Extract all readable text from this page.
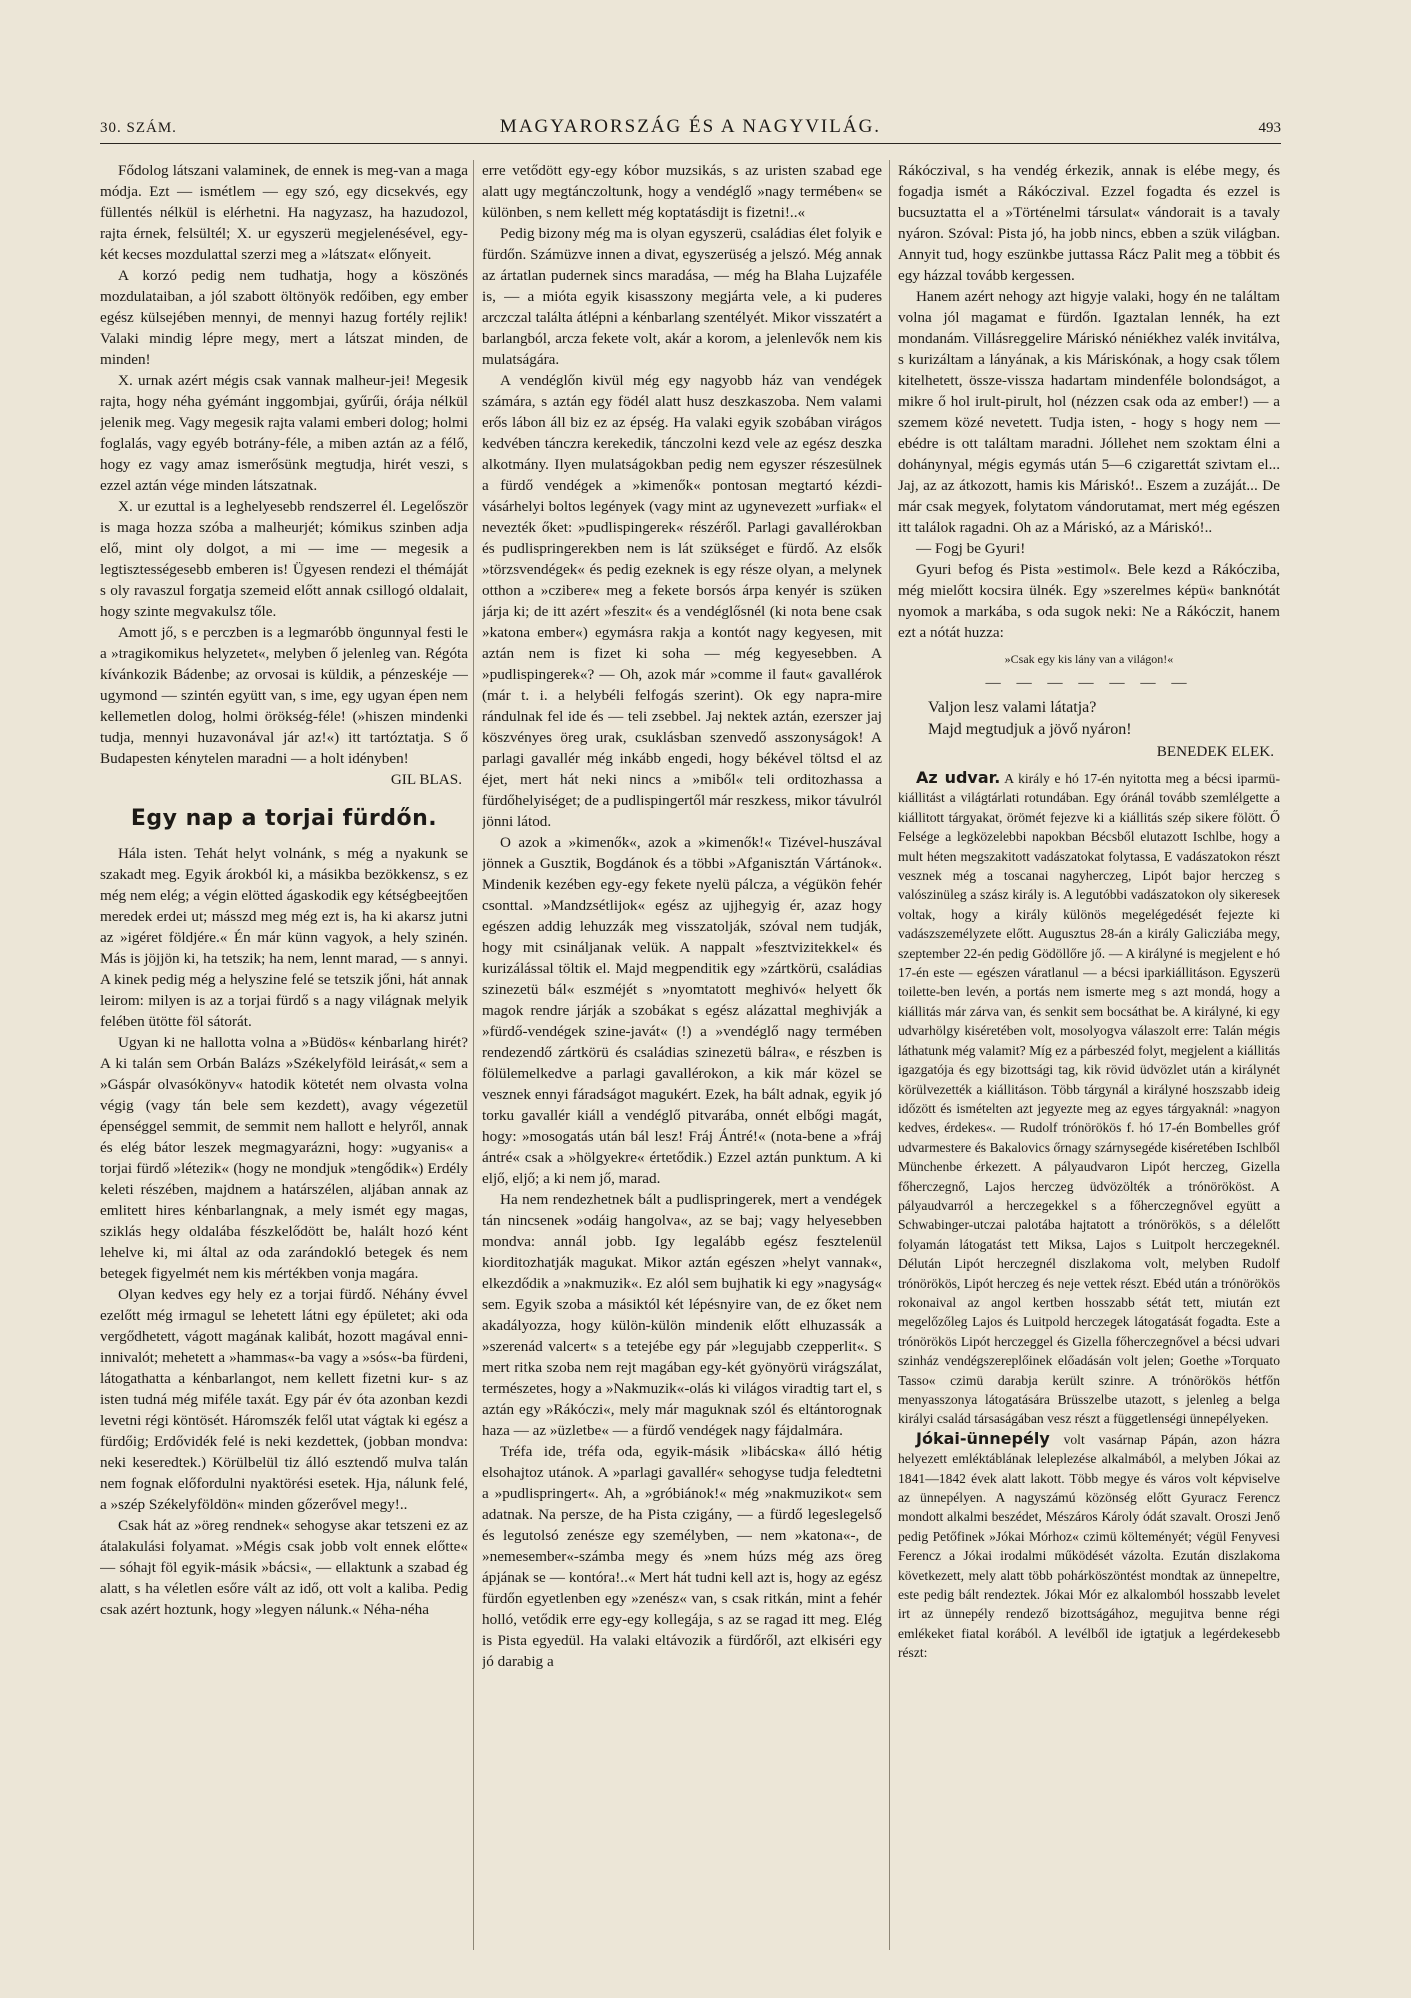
30. SZÁM.	MAGYARORSZÁG ÉS A NAGYVILÁG.	493

Fődolog látszani valaminek, de ennek is meg-van a maga módja. Ezt — ismétlem — egy szó, egy dicsekvés, egy füllentés nélkül is elérhetni. Ha nagyzasz, ha hazudozol, rajta érnek, felsültél; X. ur egyszerü megjelenésével, egy-két kecses mozdulattal szerzi meg a »látszat« előnyeit.

A korzó pedig nem tudhatja, hogy a köszönés mozdulataiban, a jól szabott öltönyök redőiben, egy ember egész külsejében mennyi, de mennyi hazug fortély rejlik! Valaki mindig lépre megy, mert a látszat minden, de minden!

X. urnak azért mégis csak vannak malheur-jei! Megesik rajta, hogy néha gyémánt inggombjai, gyűrűi, órája nélkül jelenik meg. Vagy megesik rajta valami emberi dolog; holmi foglalás, vagy egyéb botrány-féle, a miben aztán az a félő, hogy ez vagy amaz ismerősünk megtudja, hirét veszi, s ezzel aztán vége minden látszatnak.

X. ur ezuttal is a leghelyesebb rendszerrel él. Legelőször is maga hozza szóba a malheurjét; kómikus szinben adja elő, mint oly dolgot, a mi — ime — megesik a legtisztességesebb emberen is! Ügyesen rendezi el thémáját s oly ravaszul forgatja szemeid előtt annak csillogó oldalait, hogy szinte megvakulsz tőle.

Amott jő, s e perczben is a legmaróbb öngunnyal festi le a »tragikomikus helyzetet«, melyben ő jelenleg van. Régóta kívánkozik Bádenbe; az orvosai is küldik, a pénzeskéje — ugymond — szintén együtt van, s ime, egy ugyan épen nem kellemetlen dolog, holmi örökség-féle! (»hiszen mindenki tudja, mennyi huzavonával jár az!«) itt tartóztatja. S ő Budapesten kénytelen maradni — a holt idényben!

GIL BLAS.
Egy nap a torjai fürdőn.

Hála isten. Tehát helyt volnánk, s még a nyakunk se szakadt meg. Egyik árokból ki, a másikba bezökkensz, s ez még nem elég; a végin elötted ágaskodik egy kétségbeejtően meredek erdei ut; másszd meg még ezt is, ha ki akarsz jutni az »igéret földjére.« Én már künn vagyok, a hely szinén. Más is jöjjön ki, ha tetszik; ha nem, lennt marad, — s annyi. A kinek pedig még a helyszine felé se tetszik jőni, hát annak leirom: milyen is az a torjai fürdő s a nagy világnak melyik felében ütötte föl sátorát.

Ugyan ki ne hallotta volna a »Büdös« kénbarlang hirét? A ki talán sem Orbán Balázs »Székelyföld leirását,« sem a »Gáspár olvasókönyv« hatodik kötetét nem olvasta volna végig (vagy tán bele sem kezdett), avagy végezetül épenséggel semmit, de semmit nem hallott e helyről, annak és elég bátor leszek megmagyarázni, hogy: »ugyanis« a torjai fürdő »létezik« (hogy ne mondjuk »tengődik«) Erdély keleti részében, majdnem a határszélen, aljában annak az emlitett hires kénbarlangnak, a mely ismét egy magas, sziklás hegy oldalába fészkelődött be, halált hozó ként lehelve ki, mi által az oda zarándokló betegek és nem betegek figyelmét nem kis mértékben vonja magára.

Olyan kedves egy hely ez a torjai fürdő. Néhány évvel ezelőtt még irmagul se lehetett látni egy épületet; aki oda vergődhetett, vágott magának kalibát, hozott magával enni-innivalót; mehetett a »hammas«-ba vagy a »sós«-ba fürdeni, látogathatta a kénbarlangot, nem kellett fizetni kur- s az isten tudná még miféle taxát. Egy pár év óta azonban kezdi levetni régi köntösét. Háromszék felől utat vágtak ki egész a fürdőig; Erdővidék felé is neki kezdettek, (jobban mondva: neki keseredtek.) Körülbelül tiz álló esztendő mulva talán nem fognak előfordulni nyaktörési esetek. Hja, nálunk felé, a »szép Székelyföldön« minden gőzerővel megy!..

Csak hát az »öreg rendnek« sehogyse akar tetszeni ez az átalakulási folyamat. »Mégis csak jobb volt ennek előtte« — sóhajt föl egyik-másik »bácsi«, — ellaktunk a szabad ég alatt, s ha véletlen esőre vált az idő, ott volt a kaliba. Pedig csak azért hoztunk, hogy »legyen nálunk.« Néha-néha

erre vetődött egy-egy kóbor muzsikás, s az uristen szabad ege alatt ugy megtánczoltunk, hogy a vendéglő »nagy termében« se különben, s nem kellett még koptatásdijt is fizetni!..«

Pedig bizony még ma is olyan egyszerü, családias élet folyik e fürdőn. Számüzve innen a divat, egyszerüség a jelszó. Még annak az ártatlan pudernek sincs maradása, — még ha Blaha Lujzaféle is, — a mióta egyik kisasszony megjárta vele, a ki puderes arczczal találta átlépni a kénbarlang szentélyét. Mikor visszatért a barlangból, arcza fekete volt, akár a korom, a jelenlevők nem kis mulatságára.

A vendéglőn kivül még egy nagyobb ház van vendégek számára, s aztán egy födél alatt husz deszkaszoba. Nem valami erős lábon áll biz ez az épség. Ha valaki egyik szobában virágos kedvében tánczra kerekedik, tánczolni kezd vele az egész deszka alkotmány. Ilyen mulatságokban pedig nem egyszer részesülnek a fürdő vendégek a »kimenők« pontosan megtartó kézdi-vásárhelyi boltos legények (vagy mint az ugynevezett »urfiak« el nevezték őket: »pudlispingerek« részéről. Parlagi gavallérokban és pudlispringerekben nem is lát szükséget e fürdő. Az elsők »törzsvendégek« és pedig ezeknek is egy része olyan, a melynek otthon a »czibere« meg a fekete borsós árpa kenyér is szüken járja ki; de itt azért »feszit« és a vendéglősnél (ki nota bene csak »katona ember«) egymásra rakja a kontót nagy kegyesen, mit aztán nem is fizet ki soha — még kegyesebben. A »pudlispingerek«? — Oh, azok már »comme il faut« gavallérok (már t. i. a helybéli felfogás szerint). Ok egy napra-mire rándulnak fel ide és — teli zsebbel. Jaj nektek aztán, ezerszer jaj köszvényes öreg urak, csuklásban szenvedő asszonyságok! A parlagi gavallér még inkább engedi, hogy békével töltsd el az éjet, mert hát neki nincs a »miből« teli orditozhassa a fürdőhelyiséget; de a pudlispingertől már reszkess, mikor távulról jönni látod.

O azok a »kimenők«, azok a »kimenők!« Tizével-huszával jönnek a Gusztik, Bogdánok és a többi »Afganisztán Vártánok«. Mindenik kezében egy-egy fekete nyelü pálcza, a végükön fehér csonttal. »Mandzsétlijok« egész az ujjhegyig ér, azaz hogy egészen addig lehuzzák meg visszatolják, szóval nem tudják, hogy mit csináljanak velük. A nappalt »fesztvizitekkel« és kurizálással töltik el. Majd megpenditik egy »zártkörü, családias szinezetü bál« eszméjét s »nyomtatott meghivó« helyett ők magok rendre járják a szobákat s egész alázattal meghivják a »fürdő-vendégek szine-javát« (!) a »vendéglő nagy termében rendezendő zártkörü és családias szinezetü bálra«, e részben is fölülemelkedve a parlagi gavallérokon, a kik már közel se vesznek ennyi fáradságot magukért. Ezek, ha bált adnak, egyik jó torku gavallér kiáll a vendéglő pitvarába, onnét elbőgi magát, hogy: »mosogatás után bál lesz! Fráj Ántré!« (nota-bene a »fráj ántré« csak a »hölgyekre« értetődik.) Ezzel aztán punktum. A ki eljő, eljő; a ki nem jő, marad.

Ha nem rendezhetnek bált a pudlispringerek, mert a vendégek tán nincsenek »odáig hangolva«, az se baj; vagy helyesebben mondva: annál jobb. Igy legalább egész fesztelenül kiorditozhatják magukat. Mikor aztán egészen »helyt vannak«, elkezdődik a »nakmuzik«. Ez alól sem bujhatik ki egy »nagyság« sem. Egyik szoba a másiktól két lépésnyire van, de ez őket nem akadályozza, hogy külön-külön mindenik előtt elhuzassák a »szerenád valcert« s a tetejébe egy pár »legujabb czepperlit«. S mert ritka szoba nem rejt magában egy-két gyönyörü virágszálat, természetes, hogy a »Nakmuzik«-olás ki világos viradtig tart el, s aztán egy »Rákóczi«, mely már maguknak szól és eltántorognak haza — az »üzletbe« — a fürdő vendégek nagy fájdalmára.

Tréfa ide, tréfa oda, egyik-másik »libácska« álló hétig elsohajtoz utánok. A »parlagi gavallér« sehogyse tudja feledtetni a »pudlispringert«. Ah, a »gróbiánok!« még »nakmuzikot« sem adatnak. Na persze, de ha Pista czigány, — a fürdő legeslegelső és legutolsó zenésze egy személyben, — nem »katona«-, de »nemesember«-számba megy és »nem húzs még azs öreg ápjának se — kontóra!..« Mert hát tudni kell azt is, hogy az egész fürdőn egyetlenben egy »zenész« van, s csak ritkán, mint a fehér holló, vetődik erre egy-egy kollegája, s az se ragad itt meg. Elég is Pista egyedül. Ha valaki eltávozik a fürdőről, azt elkiséri egy jó darabig a

Rákóczival, s ha vendég érkezik, annak is elébe megy, és fogadja ismét a Rákóczival. Ezzel fogadta és ezzel is bucsuztatta el a »Történelmi társulat« vándorait is a tavaly nyáron. Szóval: Pista jó, ha jobb nincs, ebben a szük világban. Annyit tud, hogy eszünkbe juttassa Rácz Palit meg a többit és egy házzal tovább kergessen.

Hanem azért nehogy azt higyje valaki, hogy én ne találtam volna jól magamat e fürdőn. Igaztalan lennék, ha ezt mondanám. Villásreggelire Máriskó néniékhez valék invitálva, s kurizáltam a lányának, a kis Máriskónak, a hogy csak tőlem kitelhetett, össze-vissza hadartam mindenféle bolondságot, a mikre ő hol irult-pirult, hol (nézzen csak oda az ember!) — a szemem közé nevetett. Tudja isten, - hogy s hogy nem — ebédre is ott találtam maradni. Jóllehet nem szoktam élni a dohánynyal, mégis egymás után 5—6 czigarettát szivtam el... Jaj, az az átkozott, hamis kis Máriskó!.. Eszem a zuzáját... De már csak megyek, folytatom vándorutamat, mert még egészen itt találok ragadni. Oh az a Máriskó, az a Máriskó!..

— Fogj be Gyuri!

Gyuri befog és Pista »estimol«. Bele kezd a Rákócziba, még mielőtt kocsira ülnék. Egy »szerelmes képü« banknótát nyomok a markába, s oda sugok neki: Ne a Rákóczit, hanem ezt a nótát huzza:

»Csak egy kis lány van a világon!«
— — — — — — —
Valjon lesz valami látatja?
Majd megtudjuk a jövő nyáron!
BENEDEK ELEK.

Az udvar. A király e hó 17-én nyitotta meg a bécsi iparmü-kiállitást a világtárlati rotundában. Egy óránál tovább szemlélgette a kiállitott tárgyakat, örömét fejezve ki a kiállitás szép sikere fölött. Ő Felsége a legközelebbi napokban Bécsből elutazott Ischlbe, hogy a mult héten megszakitott vadászatokat folytassa, E vadászatokon részt vesznek még a toscanai nagyherczeg, Lipót bajor herczeg s valószinüleg a szász király is. A legutóbbi vadászatokon oly sikeresek voltak, hogy a király különös megelégedését fejezte ki vadászszemélyzete előtt. Augusztus 28-án a király Galicziába megy, szeptember 22-én pedig Gödöllőre jő. — A királyné is megjelent e hó 17-én este — egészen váratlanul — a bécsi iparkiállitáson. Egyszerü toilette-ben levén, a portás nem ismerte meg s azt mondá, hogy a kiállitás már zárva van, és senkit sem bocsáthat be. A királyné, ki egy udvarhölgy kiséretében volt, mosolyogva válaszolt erre: Talán mégis láthatunk még valamit? Míg ez a párbeszéd folyt, megjelent a kiállitás igazgatója és egy bizottsági tag, kik rövid üdvözlet után a királynét körülvezették a kiállitáson. Több tárgynál a királyné hoszszabb ideig időzött és ismételten azt jegyezte meg az egyes tárgyaknál: »nagyon kedves, érdekes«. — Rudolf trónörökös f. hó 17-én Bombelles gróf udvarmestere és Bakalovics őrnagy szárnysegéde kiséretében Ischlből Münchenbe érkezett. A pályaudvaron Lipót herczeg, Gizella főherczegnő, Lajos herczeg üdvözölték a trónörököst. A pályaudvarról a herczegekkel s a főherczegnővel együtt a Schwabinger-utczai palotába hajtatott a trónörökös, s a délelőtt folyamán látogatást tett Miksa, Lajos s Luitpolt herczegeknél. Délután Lipót herczegnél diszlakoma volt, melyben Rudolf trónörökös, Lipót herczeg és neje vettek részt. Ebéd után a trónörökös rokonaival az angol kertben hosszabb sétát tett, miután ezt megelőzőleg Lajos és Luitpold herczegek látogatását fogadta. Este a trónörökös Lipót herczeggel és Gizella főherczegnővel a bécsi udvari szinház vendégszereplőinek előadásán volt jelen; Goethe »Torquato Tasso« czimü darabja került szinre. A trónörökös hétfőn menyasszonya látogatására Brüsszelbe utazott, s jelenleg a belga királyi család társaságában vesz részt a függetlenségi ünnepélyeken.

Jókai-ünnepély volt vasárnap Pápán, azon házra helyezett emléktáblának leleplezése alkalmából, a melyben Jókai az 1841—1842 évek alatt lakott. Több megye és város volt képviselve az ünnepélyen. A nagyszámú közönség előtt Gyuracz Ferencz mondott alkalmi beszédet, Mészáros Károly ódát szavalt. Oroszi Jenő pedig Petőfinek »Jókai Mórhoz« czimü költeményét; végül Fenyvesi Ferencz a Jókai irodalmi működését vázolta. Ezután diszlakoma következett, mely alatt több pohárköszöntést mondtak az ünnepeltre, este pedig bált rendeztek. Jókai Mór ez alkalomból hosszabb levelet irt az ünnepély rendező bizottságához, megujitva benne régi emlékeket fiatal korából. A levélből ide igtatjuk a legérdekesebb részt:
